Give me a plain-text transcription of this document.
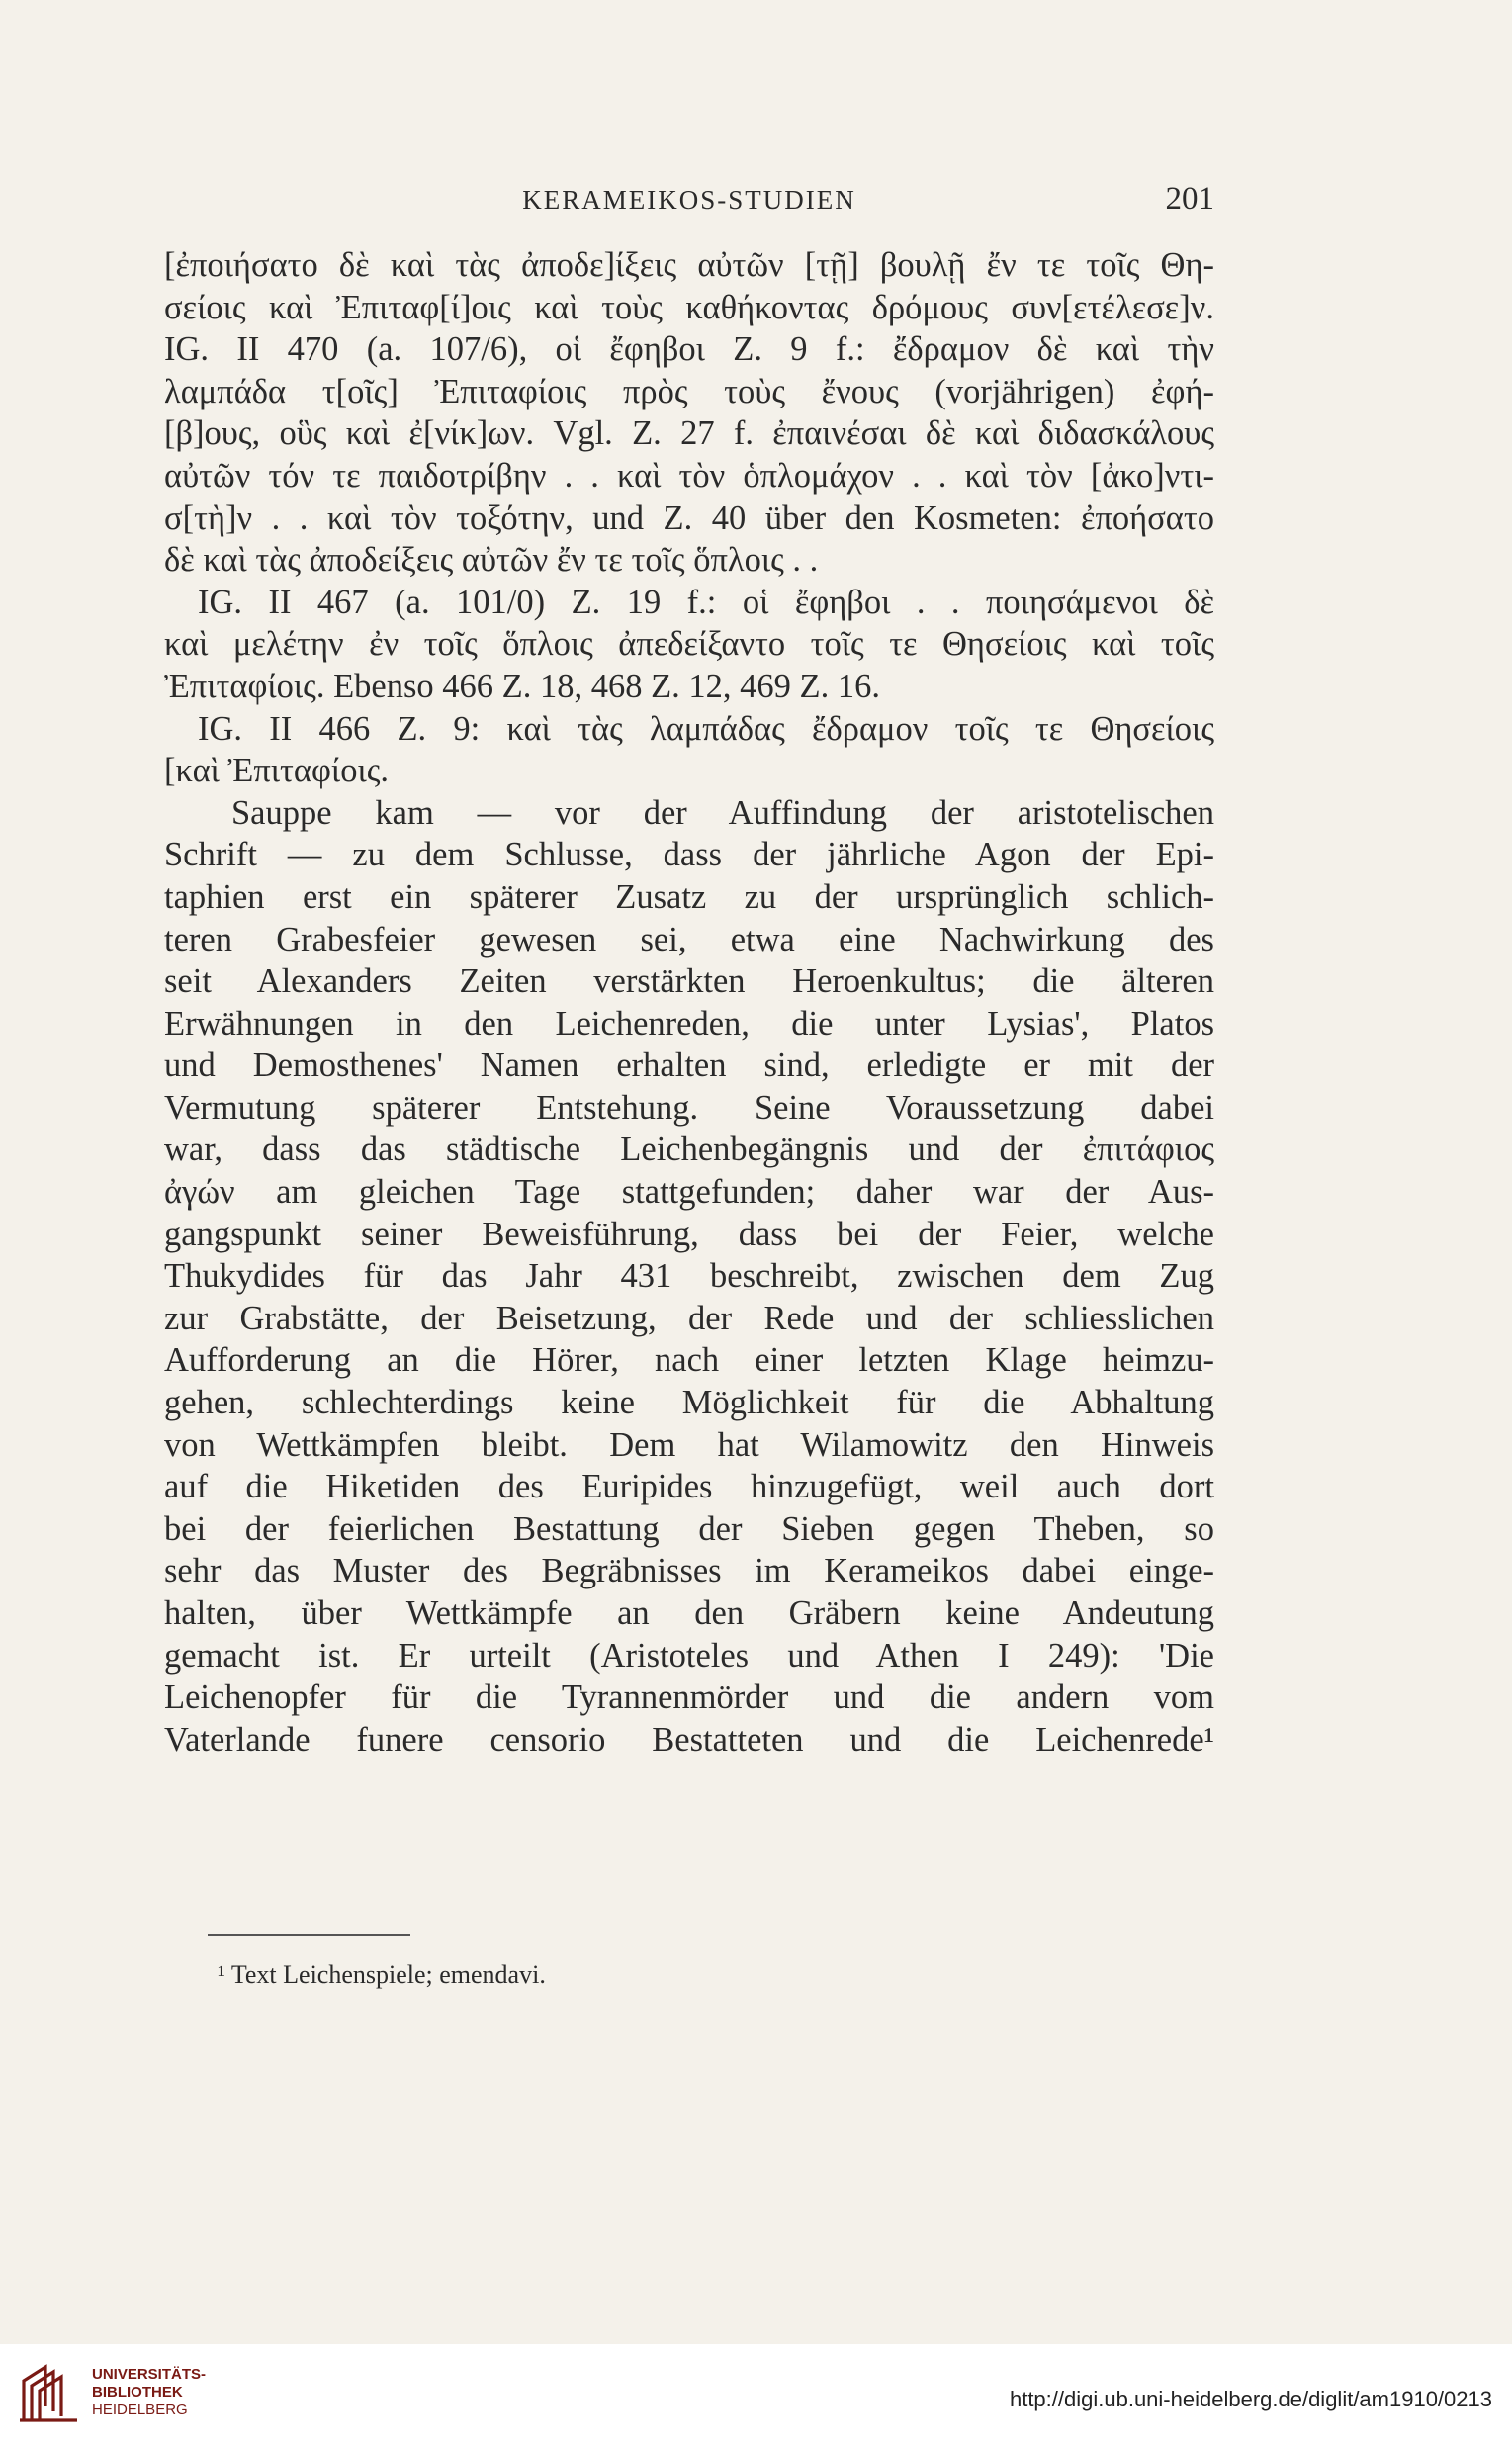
KERAMEIKOS-STUDIEN	201
[ἐποιήσατο δὲ καὶ τὰς ἀποδε]ίξεις αὐτῶν [τῇ] βουλῇ ἔν τε τοῖς Θη-
σείοις καὶ Ἐπιταφ[ί]οις καὶ τοὺς καθήκοντας δρόμους συν[ετέλεσε]ν.
IG. II 470 (a. 107/6), οἱ ἔφηβοι Z. 9 f.: ἔδραμον δὲ καὶ τὴν
λαμπάδα τ[οῖς] Ἐπιταφίοις πρὸς τοὺς ἔνους (vorjährigen) ἐφή-
[β]ους, οὓς καὶ ἐ[νίκ]ων. Vgl. Z. 27 f. ἐπαινέσαι δὲ καὶ διδασκάλους
αὐτῶν τόν τε παιδοτρίβην . . καὶ τὸν ὁπλομάχον . . καὶ τὸν [ἀκο]ντι-
σ[τὴ]ν . . καὶ τὸν τοξότην, und Z. 40 über den Kosmeten: ἐποήσατο
δὲ καὶ τὰς ἀποδείξεις αὐτῶν ἔν τε τοῖς ὅπλοις . .
IG. II 467 (a. 101/0) Z. 19 f.: οἱ ἔφηβοι . . ποιησάμενοι δὲ
καὶ μελέτην ἐν τοῖς ὅπλοις ἀπεδείξαντο τοῖς τε Θησείοις καὶ τοῖς
Ἐπιταφίοις. Ebenso 466 Z. 18, 468 Z. 12, 469 Z. 16.
IG. II 466 Z. 9: καὶ τὰς λαμπάδας ἔδραμον τοῖς τε Θησείοις
[καὶ Ἐπιταφίοις.
Sauppe kam — vor der Auffindung der aristotelischen
Schrift — zu dem Schlusse, dass der jährliche Agon der Epi-
taphien erst ein späterer Zusatz zu der ursprünglich schlich-
teren Grabesfeier gewesen sei, etwa eine Nachwirkung des
seit Alexanders Zeiten verstärkten Heroenkultus; die älteren
Erwähnungen in den Leichenreden, die unter Lysias', Platos
und Demosthenes' Namen erhalten sind, erledigte er mit der
Vermutung späterer Entstehung. Seine Voraussetzung dabei
war, dass das städtische Leichenbegängnis und der ἐπιτάφιος
ἀγών am gleichen Tage stattgefunden; daher war der Aus-
gangspunkt seiner Beweisführung, dass bei der Feier, welche
Thukydides für das Jahr 431 beschreibt, zwischen dem Zug
zur Grabstätte, der Beisetzung, der Rede und der schliesslichen
Aufforderung an die Hörer, nach einer letzten Klage heimzu-
gehen, schlechterdings keine Möglichkeit für die Abhaltung
von Wettkämpfen bleibt. Dem hat Wilamowitz den Hinweis
auf die Hiketiden des Euripides hinzugefügt, weil auch dort
bei der feierlichen Bestattung der Sieben gegen Theben, so
sehr das Muster des Begräbnisses im Kerameikos dabei einge-
halten, über Wettkämpfe an den Gräbern keine Andeutung
gemacht ist. Er urteilt (Aristoteles und Athen I 249): 'Die
Leichenopfer für die Tyrannenmörder und die andern vom
Vaterlande funere censorio Bestatteten und die Leichenrede¹
¹ Text Leichenspiele; emendavi.
UNIVERSITÄTS-
BIBLIOTHEK
HEIDELBERG	http://digi.ub.uni-heidelberg.de/diglit/am1910/0213
